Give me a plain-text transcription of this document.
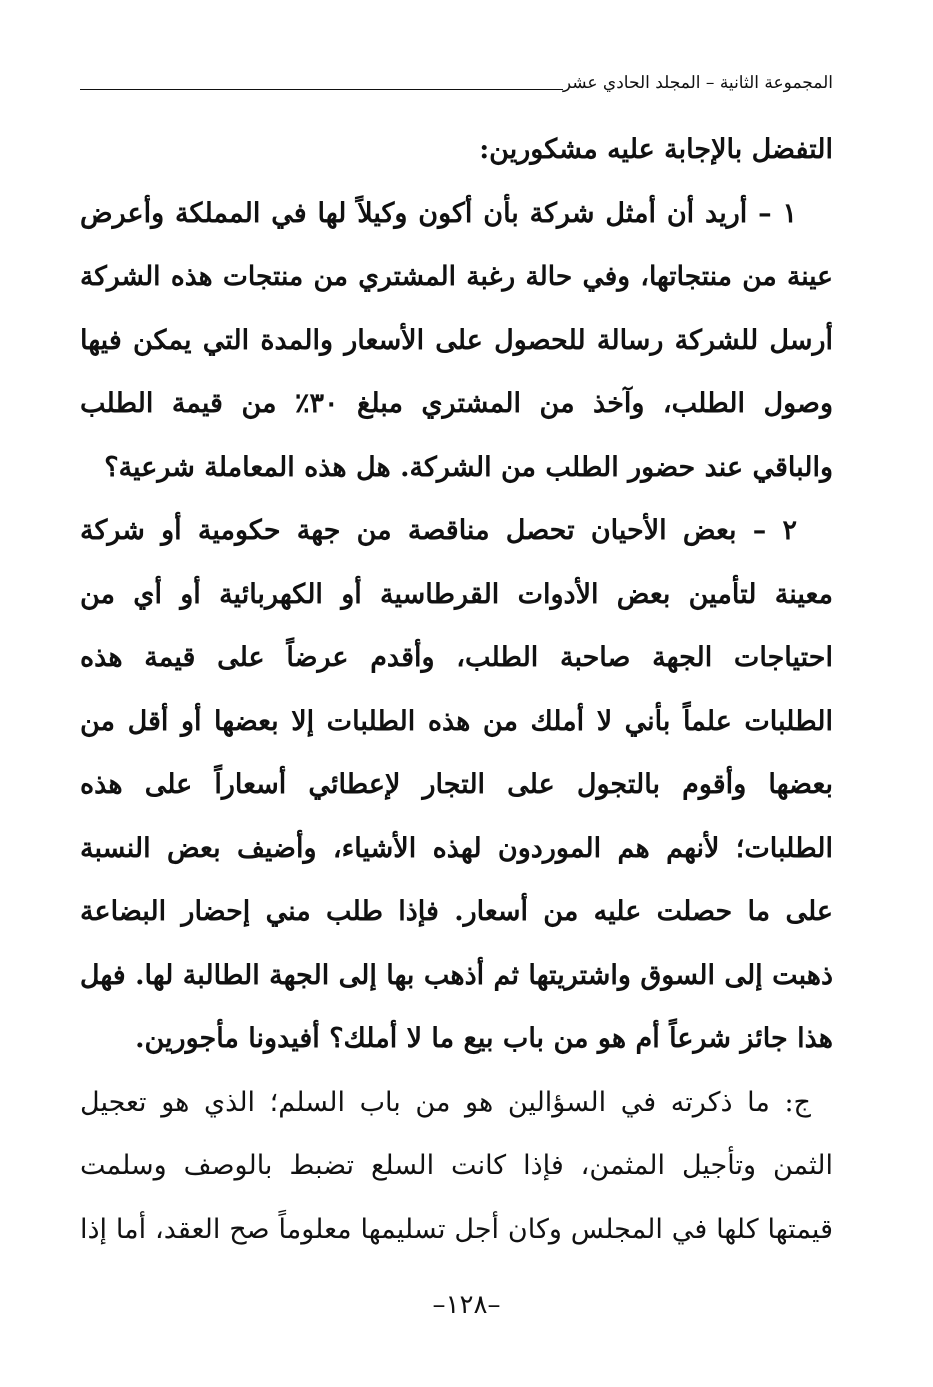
المجموعة الثانية – المجلد الحادي عشر
التفضل بالإجابة عليه مشكورين:
١ – أريد أن أمثل شركة بأن أكون وكيلاً لها في المملكة وأعرض
عينة من منتجاتها، وفي حالة رغبة المشتري من منتجات هذه الشركة
أرسل للشركة رسالة للحصول على الأسعار والمدة التي يمكن فيها
وصول الطلب، وآخذ من المشتري مبلغ ٣٠٪ من قيمة الطلب
والباقي عند حضور الطلب من الشركة. هل هذه المعاملة شرعية؟
٢ – بعض الأحيان تحصل مناقصة من جهة حكومية أو شركة
معينة لتأمين بعض الأدوات القرطاسية أو الكهربائية أو أي من
احتياجات الجهة صاحبة الطلب، وأقدم عرضاً على قيمة هذه
الطلبات علماً بأني لا أملك من هذه الطلبات إلا بعضها أو أقل من
بعضها وأقوم بالتجول على التجار لإعطائي أسعاراً على هذه
الطلبات؛ لأنهم هم الموردون لهذه الأشياء، وأضيف بعض النسبة
على ما حصلت عليه من أسعار. فإذا طلب مني إحضار البضاعة
ذهبت إلى السوق واشتريتها ثم أذهب بها إلى الجهة الطالبة لها. فهل
هذا جائز شرعاً أم هو من باب بيع ما لا أملك؟ أفيدونا مأجورين.
ج: ما ذكرته في السؤالين هو من باب السلم؛ الذي هو تعجيل
الثمن وتأجيل المثمن، فإذا كانت السلع تضبط بالوصف وسلمت
قيمتها كلها في المجلس وكان أجل تسليمها معلوماً صح العقد، أما إذا
–١٢٨–
